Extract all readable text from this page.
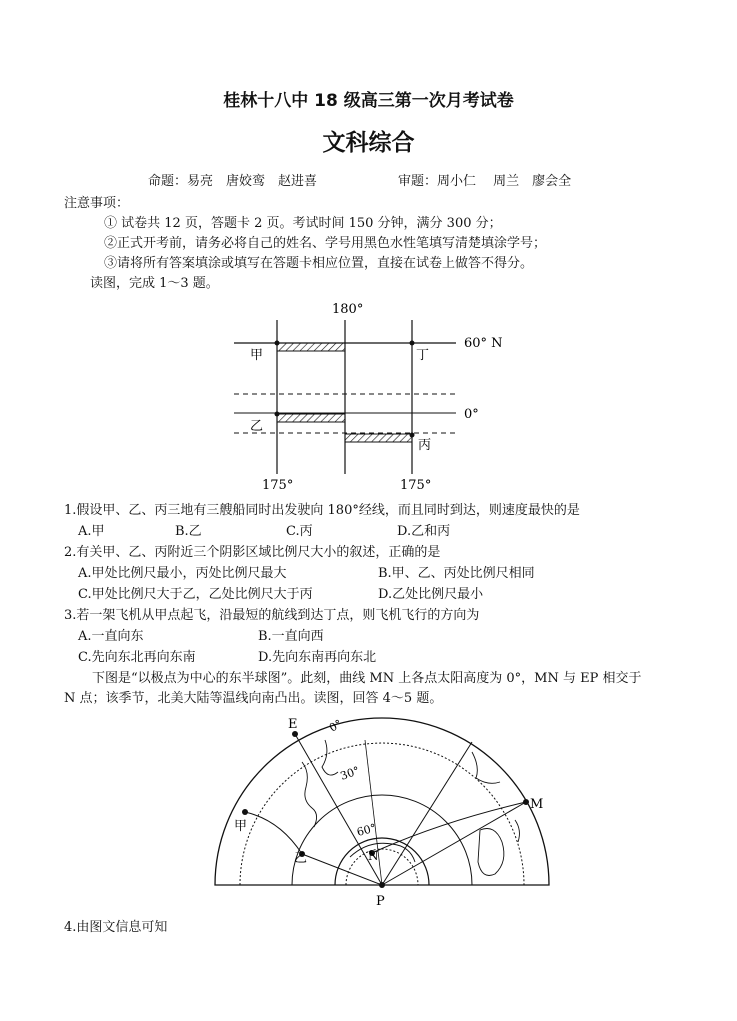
桂林十八中 18 级高三第一次月考试卷
文科综合
命题：易亮　唐姣鸾　赵进喜	审题：周小仁　 周兰　廖会全
注意事项：
① 试卷共 12 页，答题卡 2 页。考试时间 150 分钟，满分 300 分；
②正式开考前，请务必将自己的姓名、学号用黑色水性笔填写清楚填涂学号；
③请将所有答案填涂或填写在答题卡相应位置，直接在试卷上做答不得分。
读图，完成 1～3 题。
180°
甲	丁
乙
丙
60° N
0°
175°	175°
1.假设甲、乙、丙三地有三艘船同时出发驶向 180°经线，而且同时到达，则速度最快的是
A.甲	B.乙	C.丙	D.乙和丙
2.有关甲、乙、丙附近三个阴影区域比例尺大小的叙述，正确的是
A.甲处比例尺最小，丙处比例尺最大	B.甲、乙、丙处比例尺相同
C.甲处比例尺大于乙，乙处比例尺大于丙	D.乙处比例尺最小
3.若一架飞机从甲点起飞，沿最短的航线到达丁点，则飞机飞行的方向为
A.一直向东	B.一直向西
C.先向东北再向东南	D.先向东南再向东北
下图是“以极点为中心的东半球图”。此刻，曲线 MN 上各点太阳高度为 0°，MN 与 EP 相交于
N 点；该季节，北美大陆等温线向南凸出。读图，回答 4～5 题。
E
M
N
P
甲
乙
0°
30°
60°
4.由图文信息可知
